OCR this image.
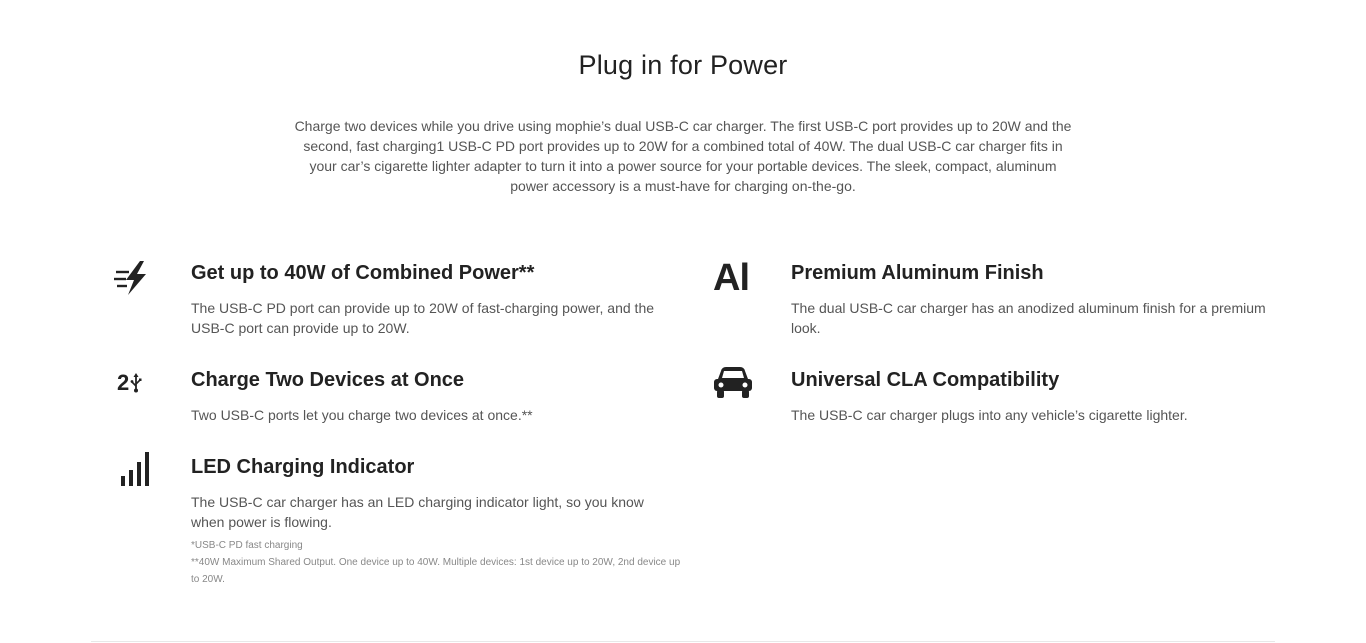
Plug in for Power

Charge two devices while you drive using mophie’s dual USB-C car charger. The first USB-C port provides up to 20W and the second, fast charging1 USB-C PD port provides up to 20W for a combined total of 40W. The dual USB-C car charger fits in your car’s cigarette lighter adapter to turn it into a power source for your portable devices. The sleek, compact, aluminum power accessory is a must-have for charging on-the-go.

Get up to 40W of Combined Power**

The USB-C PD port can provide up to 20W of fast-charging power, and the USB-C port can provide up to 20W.

Al Premium Aluminum Finish

The dual USB-C car charger has an anodized aluminum finish for a premium look.

2	Charge Two Devices at Once

Two USB-C ports let you charge two devices at once.**

Universal CLA Compatibility

The USB-C car charger plugs into any vehicle’s cigarette lighter.

LED Charging Indicator

The USB-C car charger has an LED charging indicator light, so you know when power is flowing.

*USB-C PD fast charging
**40W Maximum Shared Output. One device up to 40W. Multiple devices: 1st device up to 20W, 2nd device up to 20W.
